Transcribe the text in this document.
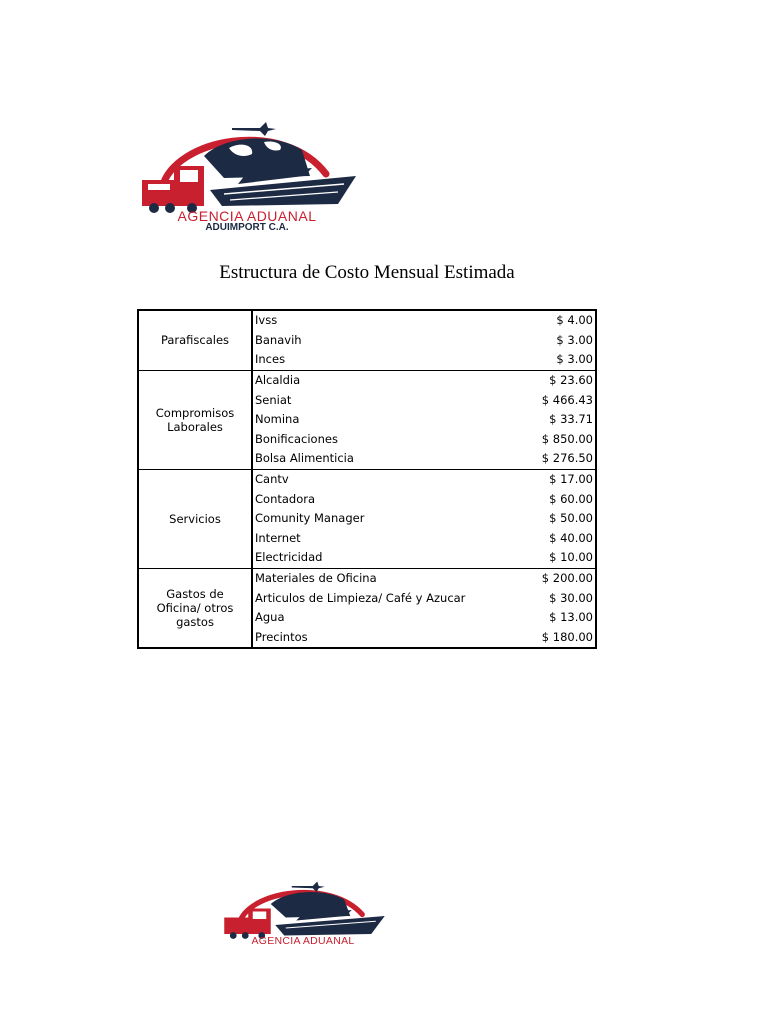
AGENCIA ADUANAL
ADUIMPORT C.A.
Estructura de Costo Mensual Estimada
Parafiscales	Ivss	$ 4.00
	Banavih	$ 3.00
	Inces	$ 3.00
Compromisos Laborales	Alcaldia	$ 23.60
	Seniat	$ 466.43
	Nomina	$ 33.71
	Bonificaciones	$ 850.00
	Bolsa Alimenticia	$ 276.50
Servicios	Cantv	$ 17.00
	Contadora	$ 60.00
	Comunity Manager	$ 50.00
	Internet	$ 40.00
	Electricidad	$ 10.00
Gastos de Oficina/ otros gastos	Materiales de Oficina	$ 200.00
	Articulos de Limpieza/ Café y Azucar	$ 30.00
	Agua	$ 13.00
	Precintos	$ 180.00
AGENCIA ADUANAL
